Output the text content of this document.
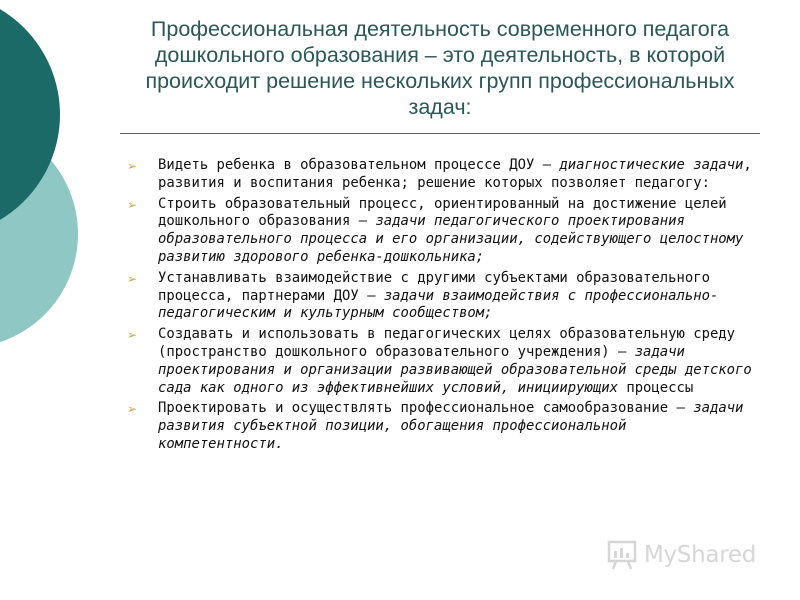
Профессиональная деятельность современного педагога дошкольного образования – это деятельность, в которой происходит решение нескольких групп профессиональных задач:
➢ Видеть ребенка в образовательном процессе ДОУ – диагностические задачи, развития и воспитания ребенка; решение которых позволяет педагогу:
➢ Строить образовательный процесс, ориентированный на достижение целей дошкольного образования – задачи педагогического проектирования образовательного процесса и его организации, содействующего целостному развитию здорового ребенка-дошкольника;
➢ Устанавливать взаимодействие с другими субъектами образовательного процесса, партнерами ДОУ – задачи взаимодействия с профессионально-педагогическим и культурным сообществом;
➢ Создавать и использовать в педагогических целях образовательную среду (пространство дошкольного образовательного учреждения) – задачи проектирования и организации развивающей образовательной среды детского сада как одного из эффективнейших условий, инициирующих процессы
➢ Проектировать и осуществлять профессиональное самообразование – задачи развития субъектной позиции, обогащения профессиональной компетентности.
MyShared
